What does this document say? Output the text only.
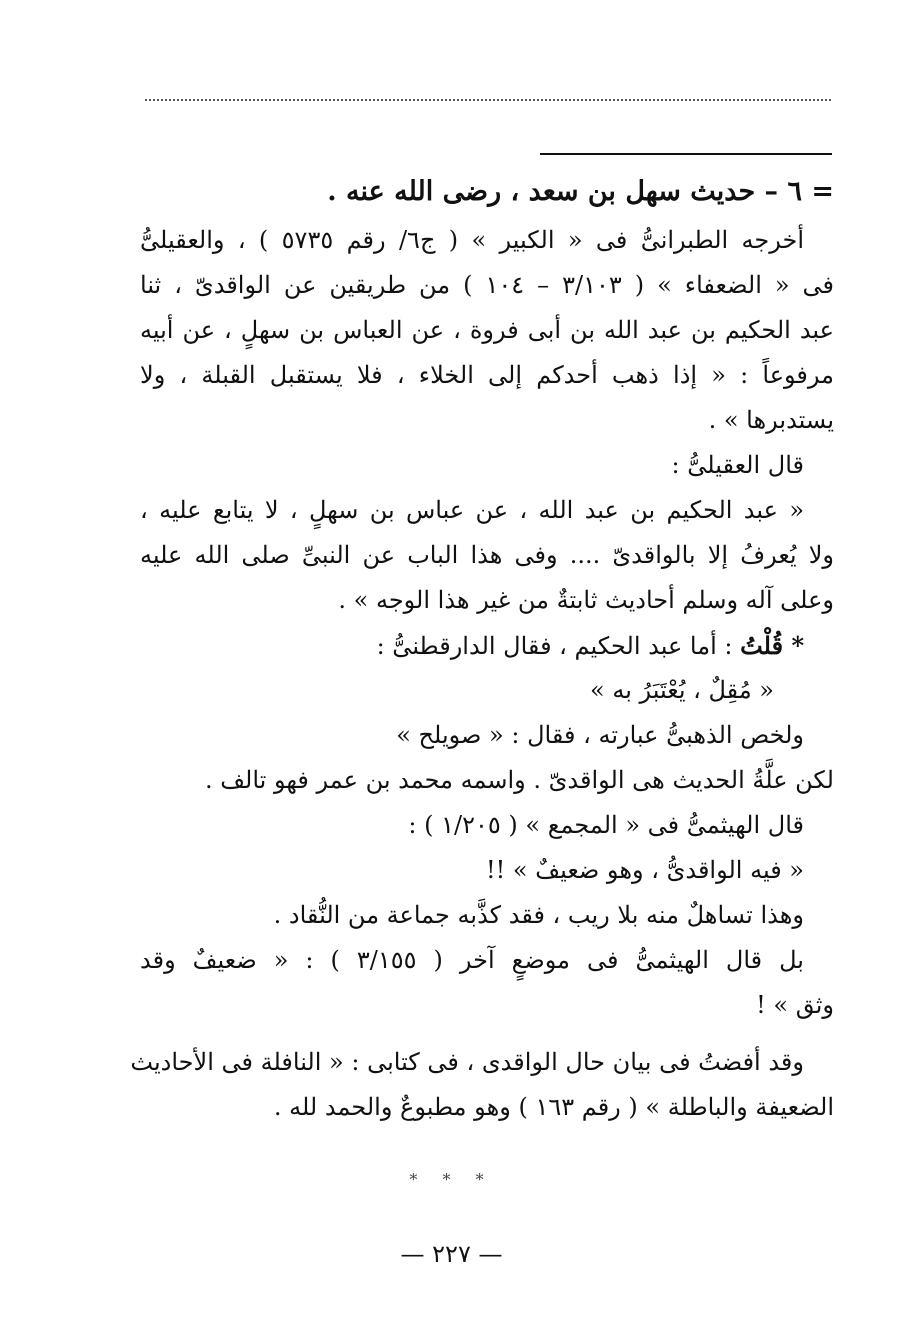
= ٦ – حديث سهل بن سعد ، رضى الله عنه .
أخرجه الطبرانىُّ فى « الكبير » ( ج٦/ رقم ٥٧٣٥ ) ، والعقيلىُّ
فى « الضعفاء » ( ٣/١٠٣ – ١٠٤ ) من طريقين عن الواقدىّ ، ثنا
عبد الحكيم بن عبد الله بن أبى فروة ، عن العباس بن سهلٍ ، عن أبيه
مرفوعاً : « إذا ذهب أحدكم إلى الخلاء ، فلا يستقبل القبلة ، ولا
يستدبرها » .
قال العقيلىُّ :
« عبد الحكيم بن عبد الله ، عن عباس بن سهلٍ ، لا يتابع عليه ،
ولا يُعرفُ إلا بالواقدىّ .... وفى هذا الباب عن النبىِّ صلى الله عليه
وعلى آله وسلم أحاديث ثابتةٌ من غير هذا الوجه » .
* قُلْتُ : أما عبد الحكيم ، فقال الدارقطنىُّ :
« مُقِلٌ ، يُعْتَبَرُ به »
ولخص الذهبىُّ عبارته ، فقال : « صويلح »
لكن علَّةُ الحديث هى الواقدىّ . واسمه محمد بن عمر فهو تالف .
قال الهيثمىُّ فى « المجمع » ( ١/٢٠٥ ) :
« فيه الواقدىُّ ، وهو ضعيفٌ » !!
وهذا تساهلٌ منه بلا ريب ، فقد كذَّبه جماعة من النُّقاد .
بل قال الهيثمىُّ فى موضعٍ آخر ( ٣/١٥٥ ) : « ضعيفٌ وقد
وثق » !
وقد أفضتُ فى بيان حال الواقدى ، فى كتابى : « النافلة فى الأحاديث
الضعيفة والباطلة » ( رقم ١٦٣ ) وهو مطبوعٌ والحمد لله .
* * *
— ٢٢٧ —
